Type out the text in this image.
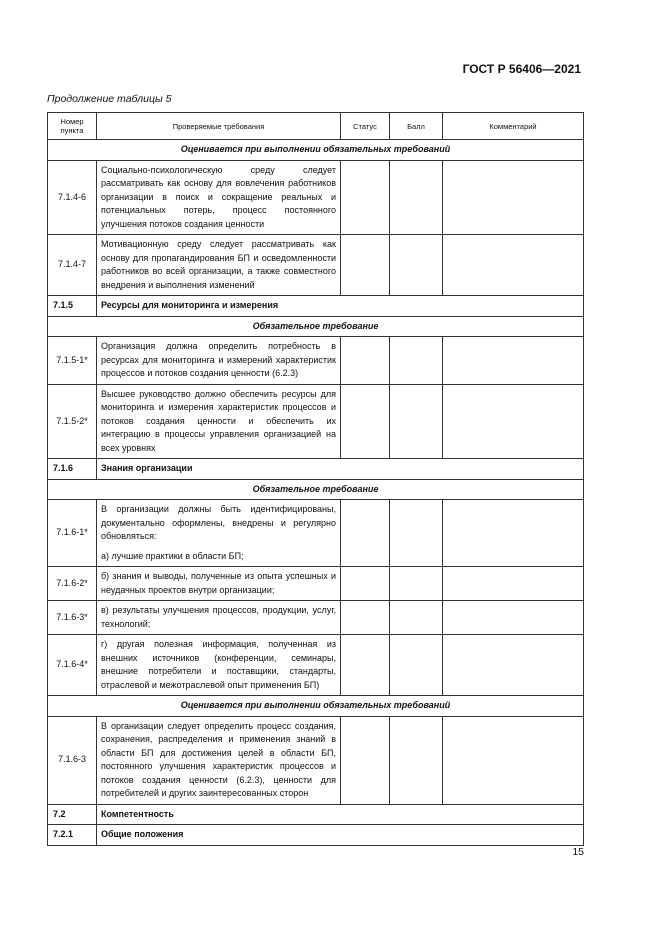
ГОСТ Р 56406—2021
Продолжение таблицы 5
Номер пункта	Проверяемые требования	Статус	Балл	Комментарий
Оценивается при выполнении обязательных требований				
7.1.4-6	Социально-психологическую среду следует рассматривать как основу для вовлечения работников организации в поиск и сокращение реальных и потенциальных потерь, процесс постоянного улучшения потоков создания ценности			

7.1.4-7	Мотивационную среду следует рассматривать как основу для пропагандирования БП и осведомленности работников во всей организации, а также совместного внедрения и выполнения изменений			

7.1.5	Ресурсы для мониторинга и измерения			
Обязательное требование				
7.1.5-1*	Организация должна определить потребность в ресурсах для мониторинга и измерений характеристик процессов и потоков создания ценности (6.2.3)			

7.1.5-2*	Высшее руководство должно обеспечить ресурсы для мониторинга и измерения характеристик процессов и потоков создания ценности и обеспечить их интеграцию в процессы управления организацией на всех уровнях			

7.1.6	Знания организации			
Обязательное требование				
7.1.6-1*	В организации должны быть идентифицированы, документально оформлены, внедрены и регулярно обновляться:
а) лучшие практики в области БП;			

7.1.6-2*	б) знания и выводы, полученные из опыта успешных и неудачных проектов внутри организации;			

7.1.6-3*	в) результаты улучшения процессов, продукции, услуг, технологий;			

7.1.6-4*	г) другая полезная информация, полученная из внешних источников (конференции, семинары, внешние потребители и поставщики, стандарты, отраслевой и межотраслевой опыт применения БП)			

Оценивается при выполнении обязательных требований				
7.1.6-3	В организации следует определить процесс создания, сохранения, распределения и применения знаний в области БП для достижения целей в области БП, постоянного улучшения характеристик процессов и потоков создания ценности (6.2.3), ценности для потребителей и других заинтересованных сторон			

7.2	Компетентность			
7.2.1	Общие положения			
15
